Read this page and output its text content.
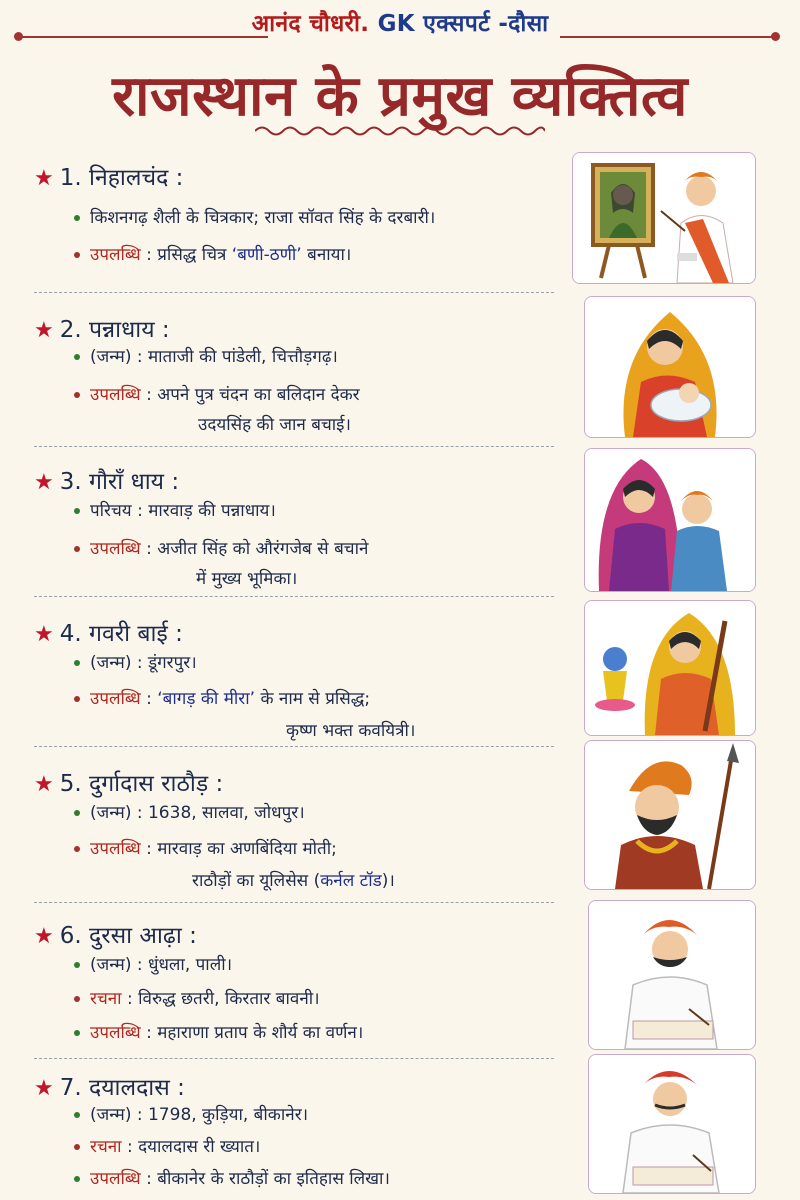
आनंद चौधरी. GK एक्सपर्ट -दौसा
राजस्थान के प्रमुख व्यक्तित्व
★ 1. निहालचंद :
किशनगढ़ शैली के चित्रकार; राजा सॉवत सिंह के दरबारी।
उपलब्धि : प्रसिद्ध चित्र ‘बणी-ठणी’ बनाया।
★ 2. पन्नाधाय :
(जन्म) : माताजी की पांडेली, चित्तौड़गढ़।
उपलब्धि : अपने पुत्र चंदन का बलिदान देकर
उदयसिंह की जान बचाई।
★ 3. गौराँ धाय :
परिचय : मारवाड़ की पन्नाधाय।
उपलब्धि : अजीत सिंह को औरंगजेब से बचाने
में मुख्य भूमिका।
★ 4. गवरी बाई :
(जन्म) : डूंगरपुर।
उपलब्धि : ‘बागड़ की मीरा’ के नाम से प्रसिद्ध;
कृष्ण भक्त कवयित्री।
★ 5. दुर्गादास राठौड़ :
(जन्म) : 1638, सालवा, जोधपुर।
उपलब्धि : मारवाड़ का अणबिंदिया मोती;
राठौड़ों का यूलिसेस (कर्नल टॉड)।
★ 6. दुरसा आढ़ा :
(जन्म) : धुंधला, पाली।
रचना : विरुद्ध छतरी, किरतार बावनी।
उपलब्धि : महाराणा प्रताप के शौर्य का वर्णन।
★ 7. दयालदास :
(जन्म) : 1798, कुड़िया, बीकानेर।
रचना : दयालदास री ख्यात।
उपलब्धि : बीकानेर के राठौड़ों का इतिहास लिखा।
